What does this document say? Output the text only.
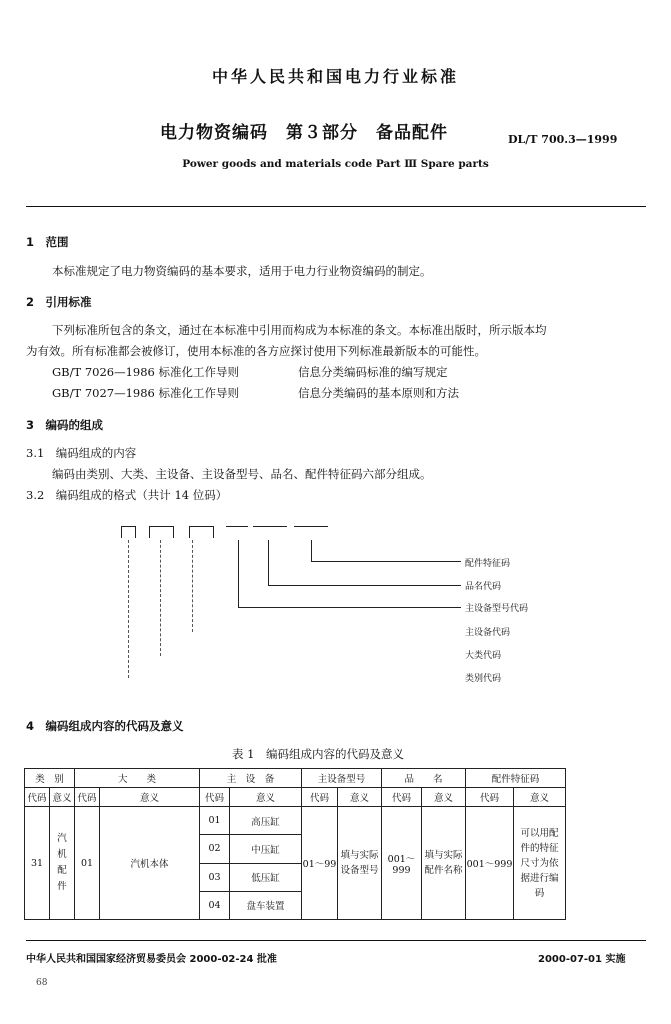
中华人民共和国电力行业标准
电力物资编码　第３部分　备品配件	DL/T 700.3—1999
Power goods and materials code Part Ⅲ Spare parts
1　范围
本标准规定了电力物资编码的基本要求，适用于电力行业物资编码的制定。
2　引用标准
下列标准所包含的条文，通过在本标准中引用而构成为本标准的条文。本标准出版时，所示版本均
为有效。所有标准都会被修订，使用本标准的各方应探讨使用下列标准最新版本的可能性。
GB/T 7026—1986 标准化工作导则	信息分类编码标准的编写规定
GB/T 7027—1986 标准化工作导则	信息分类编码的基本原则和方法
3　编码的组成
3.1　编码组成的内容
编码由类别、大类、主设备、主设备型号、品名、配件特征码六部分组成。
3.2　编码组成的格式（共计 14 位码）
配件特征码
品名代码
主设备型号代码
主设备代码
大类代码
类别代码
4　编码组成内容的代码及意义
表 1　编码组成内容的代码及意义
类　别		大　　类		主　设　备		主设备型号		品　　名		配件特征码	
代码	意义	代码	意义	代码	意义	代码	意义	代码	意义	代码	意义
31	汽机配件	01	汽机本体	01	高压缸	01～99	填与实际设备型号	001～999	填与实际配件名称	001～999	可以用配件的特征尺寸为依据进行编码
				02	中压缸						
				03	低压缸						
				04	盘车装置						
中华人民共和国国家经济贸易委员会 2000-02-24 批准	2000-07-01 实施
68
